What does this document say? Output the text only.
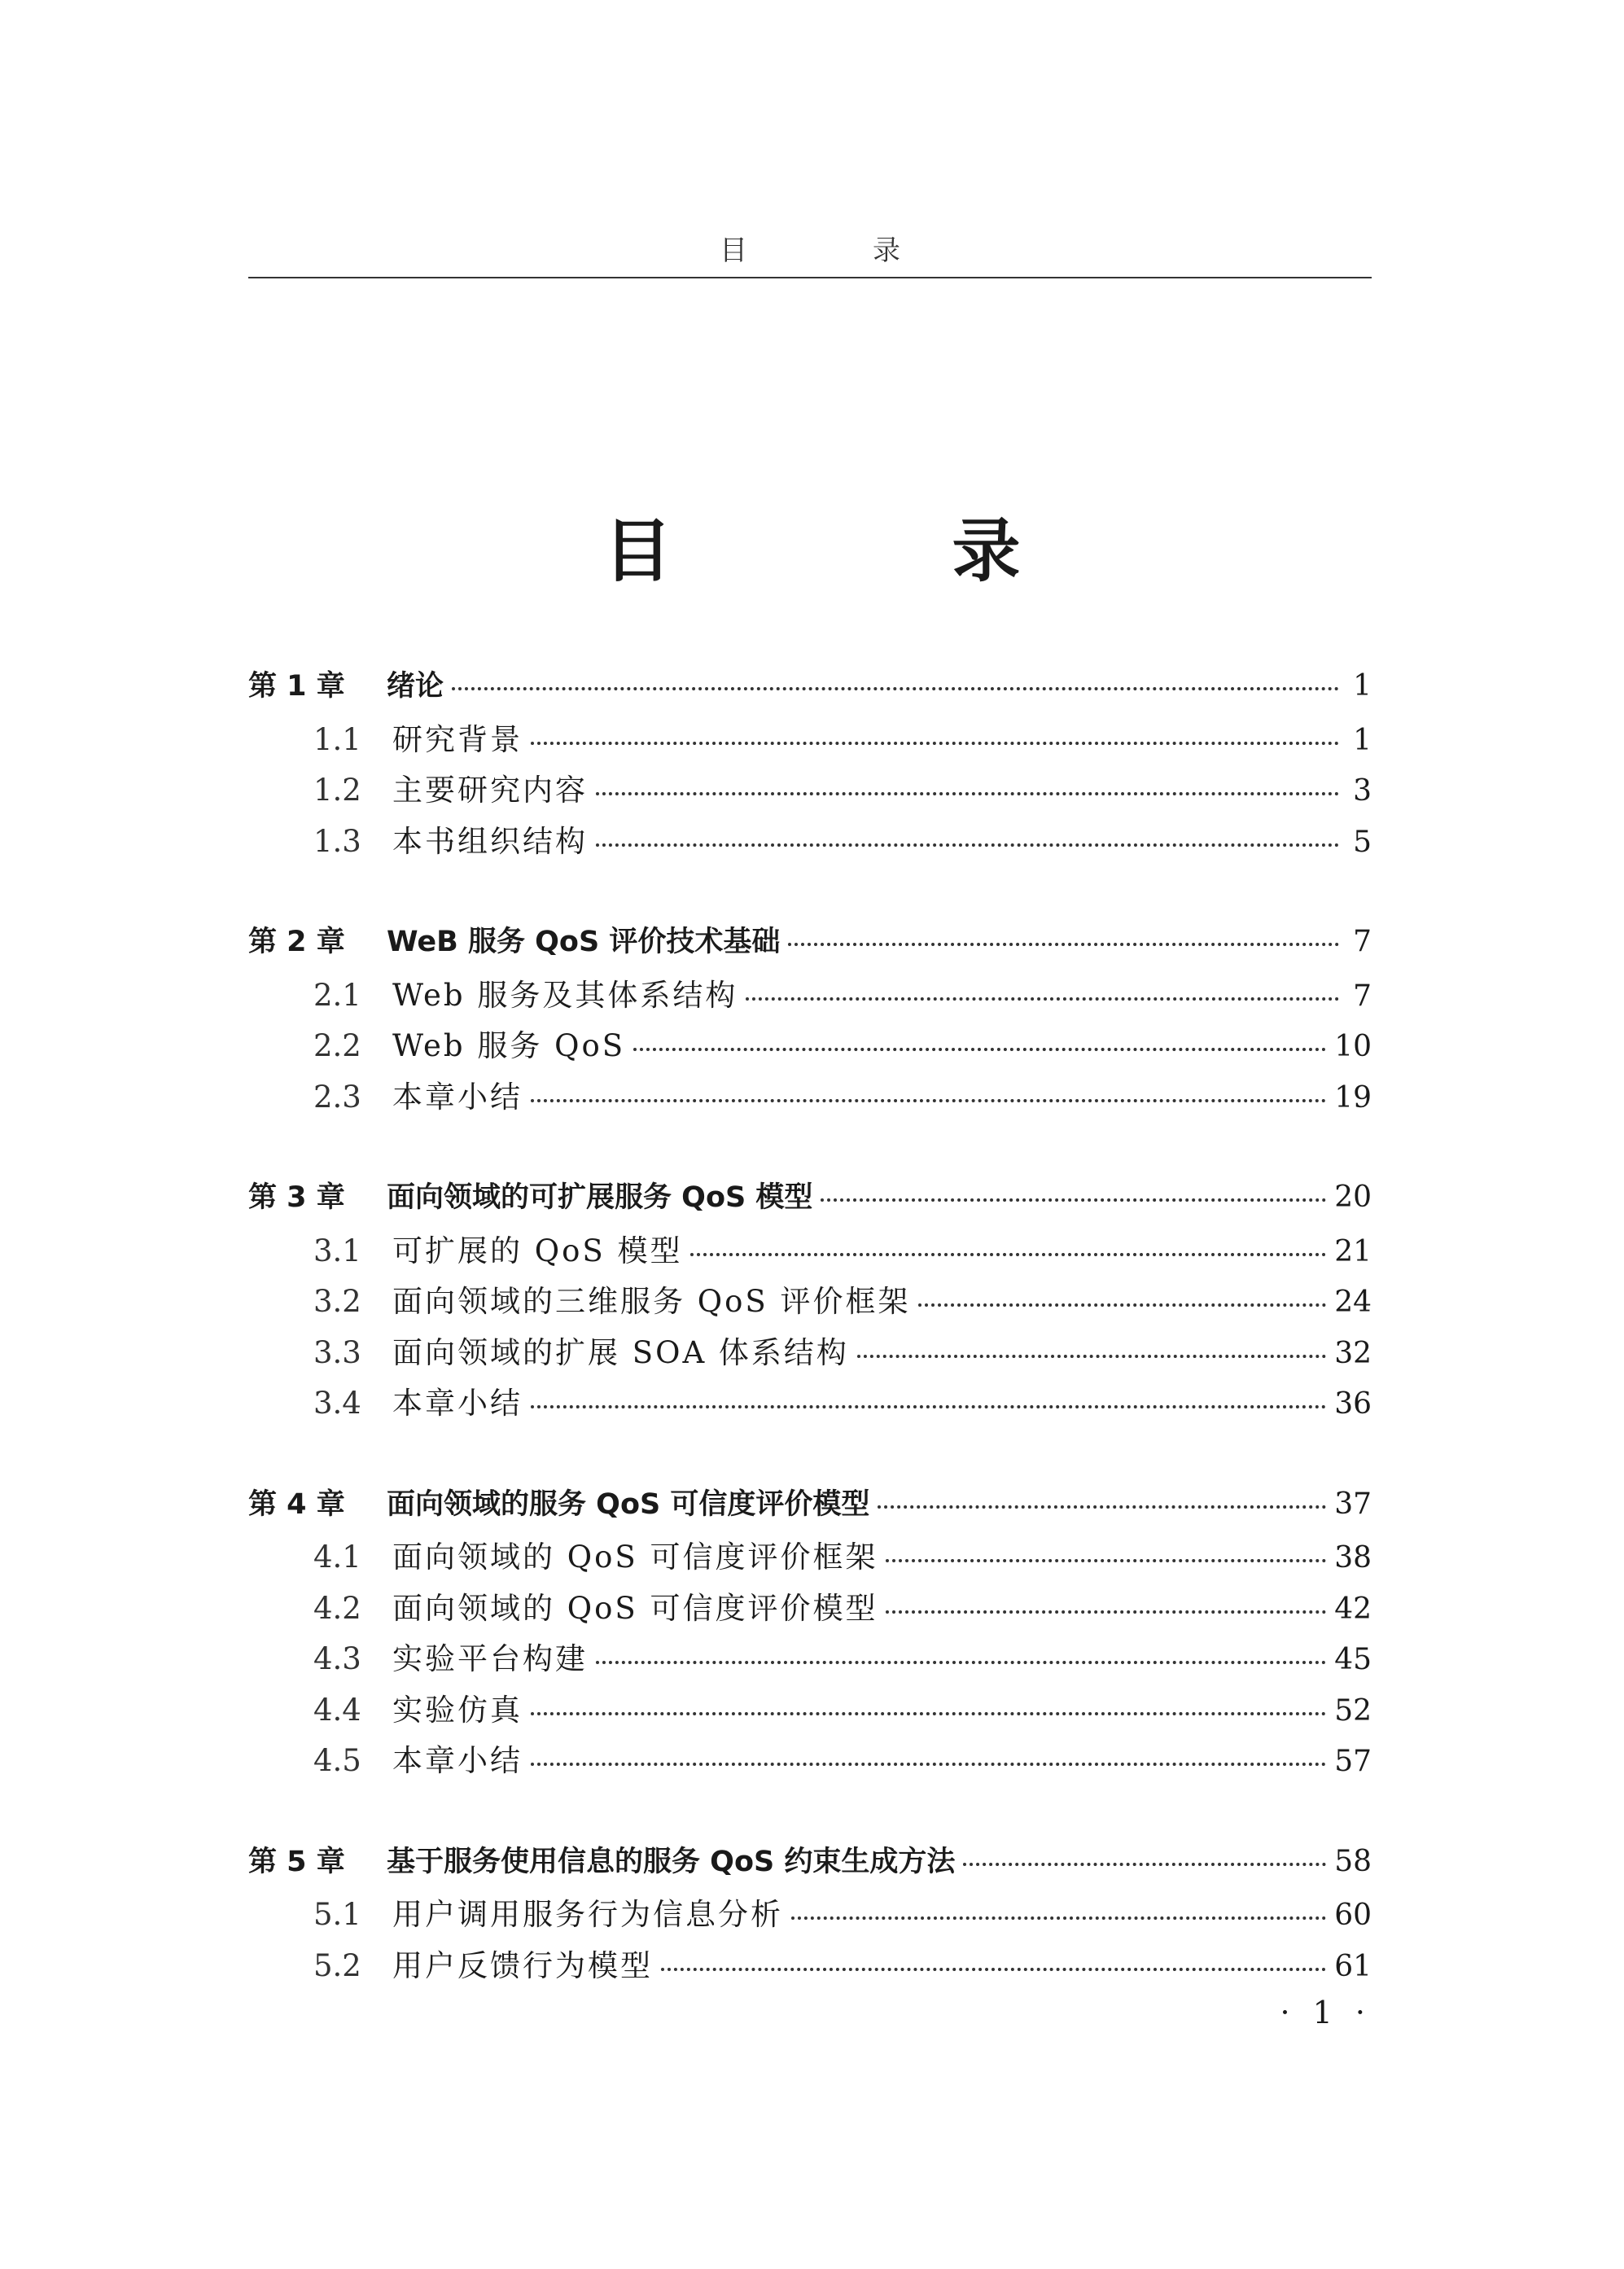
目　录
目　录
第 1 章	绪论	1
1.1	研究背景	1
1.2	主要研究内容	3
1.3	本书组织结构	5
第 2 章	WeB 服务 QoS 评价技术基础	7
2.1	Web 服务及其体系结构	7
2.2	Web 服务 QoS	10
2.3	本章小结	19
第 3 章	面向领域的可扩展服务 QoS 模型	20
3.1	可扩展的 QoS 模型	21
3.2	面向领域的三维服务 QoS 评价框架	24
3.3	面向领域的扩展 SOA 体系结构	32
3.4	本章小结	36
第 4 章	面向领域的服务 QoS 可信度评价模型	37
4.1	面向领域的 QoS 可信度评价框架	38
4.2	面向领域的 QoS 可信度评价模型	42
4.3	实验平台构建	45
4.4	实验仿真	52
4.5	本章小结	57
第 5 章	基于服务使用信息的服务 QoS 约束生成方法	58
5.1	用户调用服务行为信息分析	60
5.2	用户反馈行为模型	61
· 1 ·
